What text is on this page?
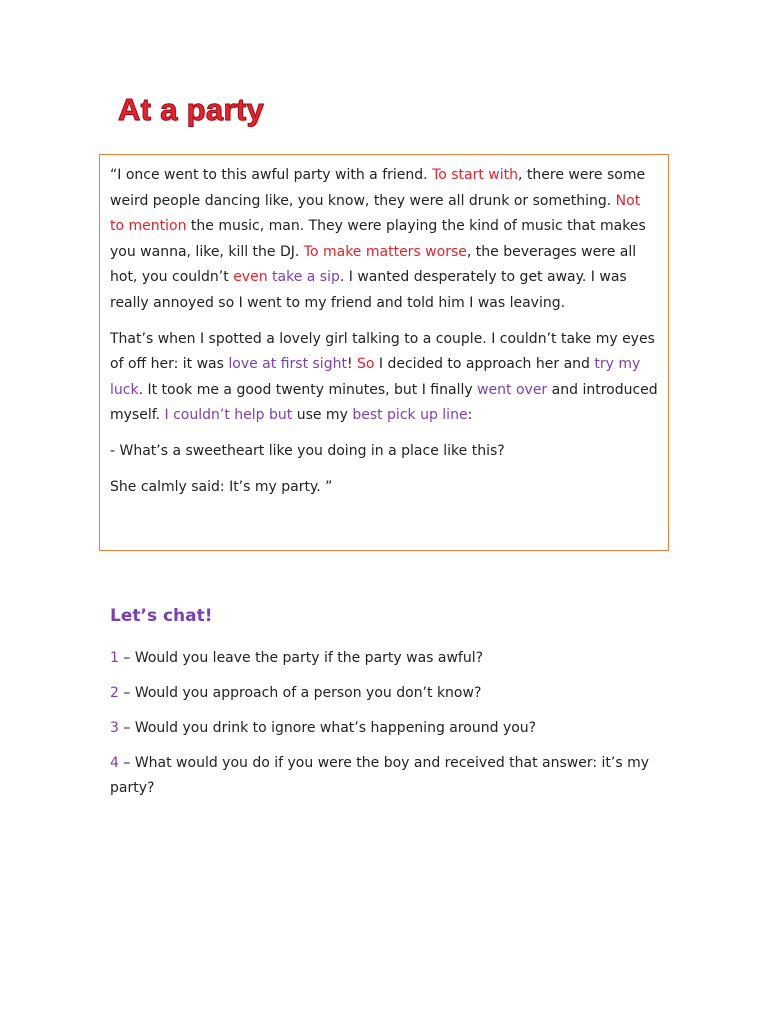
At a party

“I once went to this awful party with a friend. To start with, there were some weird people dancing like, you know, they were all drunk or something. Not to mention the music, man. They were playing the kind of music that makes you wanna, like, kill the DJ. To make matters worse, the beverages were all hot, you couldn’t even take a sip. I wanted desperately to get away. I was really annoyed so I went to my friend and told him I was leaving.

That’s when I spotted a lovely girl talking to a couple. I couldn’t take my eyes of off her: it was love at first sight! So I decided to approach her and try my luck. It took me a good twenty minutes, but I finally went over and introduced myself. I couldn’t help but use my best pick up line:

- What’s a sweetheart like you doing in a place like this?

She calmly said: It’s my party. ”

Let’s chat!

1 – Would you leave the party if the party was awful?

2 – Would you approach of a person you don’t know?

3 – Would you drink to ignore what’s happening around you?

4 – What would you do if you were the boy and received that answer: it’s my party?
